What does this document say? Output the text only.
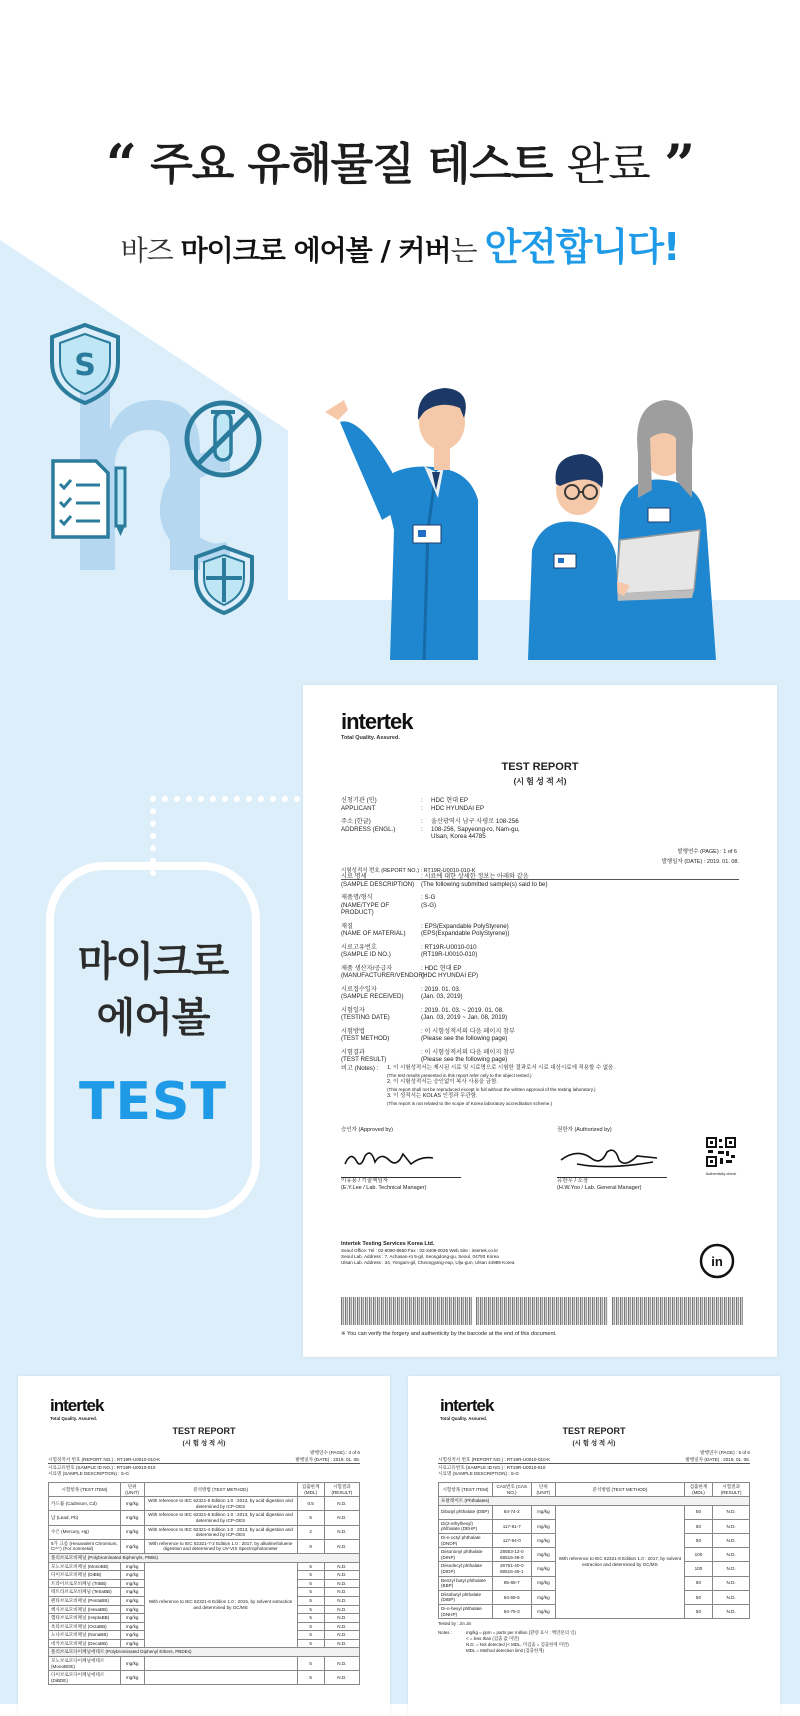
“ 주요 유해물질 테스트 완료 ”
바즈 마이크로 에어볼 / 커버는 안전합니다!
S
마이크로
에어볼
TEST
intertek
Total Quality. Assured.
TEST REPORT
(시 험 성 적 서)
신청기관 (인)	:	HDC 현대 EP
APPLICANT	:	HDC HYUNDAI EP
주소 (한글)	:	울산광역시 남구 사평로 108-256
ADDRESS (ENGL.)	:	108-256, Sapyeong-ro, Nam-gu,
Ulsan, Korea 44785
발행연수 (PAGE) : 1 of 6
시험성적서 번호 (REPORT NO.) : RT19R-U0010-010-K
발행일자 (DATE) : 2019. 01. 08.
시료 명세	: 시료에 대한 상세한 정보는 아래와 같음
(SAMPLE DESCRIPTION)	(The following submitted sample(s) said to be)
제품명/형식	: S-G
(NAME/TYPE OF PRODUCT)
(S-G)
재질	: EPS(Expandable PolyStyrene)
(NAME OF MATERIAL)	(EPS(Expandable PolyStyrene))
시료고유번호	: RT19R-U0010-010
(SAMPLE ID NO.)	(RT19R-U0010-010)
제품 생산자/공급자	: HDC 현대 EP
(MANUFACTURER/VENDOR)
(HDC HYUNDAI EP)
시료접수일자	: 2019. 01. 03.
(SAMPLE RECEIVED)	(Jan. 03, 2019)
시험일자	: 2019. 01. 03. ~ 2019. 01. 08.
(TESTING DATE)	(Jan. 03, 2019 ~ Jan. 08, 2019)
시험방법	: 이 시험성적서의 다음 페이지 참부
(TEST METHOD)	(Please see the following page)
시험결과	: 이 시험성적서의 다음 페이지 참부
(TEST RESULT)	(Please see the following page)
비고 (Notes) :	1. 이 시험성적서는 제시된 시료 및 시료명으로 시험한 결과로서 시료 대상시료에 적용할 수 없음.
(The test results presented in this report refer only to the object tested.)
2. 이 시험성적서는 승인없이 복사 사용을 금함.
(This report shall not be reproduced except in full without the written approval of the testing laboratory.)
3. 이 성적서는 KOLAS 인정과 무관함.
(This report is not related to the scope of Korea laboratory accreditation scheme.)
승인자 (Approved by)
이유용 / 기술책임자
(E.Y.Lee / Lab. Technical Manager)
권한자 (Authorized by)
유한우 / 소장
(H.W.Yoo / Lab. General Manager)
Authenticity check
Intertek Testing Services Korea Ltd.
Seoul Office: Tel : 02-6090-8550 Fax : 02-3409-0025 Web Site : intertek.co.kr
Seoul Lab. Address : 7, Achasan-ro 5-gil, Seongdong-gu, Seoul, 04793 Korea
Ulsan Lab. Address : 34, Yongam-gil, Cheongyang-eup, Ulju-gun, Ulsan 44989 Korea	in
※ You can verify the forgery and authenticity by the barcode at the end of this document.
intertek
Total Quality. Assured.
TEST REPORT
(시 험 성 적 서)
발행연수 (PAGE) : 3 of 6
시험성적서 번호 (REPORT NO.) : RT19R-U0010-010-K	발행일자 (DATE) : 2019. 01. 08.
시료고유번호 (SAMPLE ID NO.) : RT19R-U0010-010
시료명 (SAMPLE DESCRIPTION) : S-G
시험항목 (TEST ITEM)	단위 (UNIT)	분석방법 (TEST METHOD)	검출한계 (MDL)	시험결과 (RESULT)
카드뮴 (Cadmium, Cd)	mg/kg	With reference to IEC 62321-5 Edition 1.0 : 2013, by acid digestion and determined by ICP-OES	0.5	N.D.
납 (Lead, Pb)	mg/kg	With reference to IEC 62321-5 Edition 1.0 : 2013, by acid digestion and determined by ICP-OES	5	N.D.
수은 (Mercury, Hg)	mg/kg	With reference to IEC 62321-4 Edition 1.0 : 2013, by acid digestion and determined by ICP-OES	2	N.D.
6가 크롬 (Hexavalent Chromium, Cr⁶⁺) (For nonmetal)	mg/kg	With reference to IEC 62321-7-2 Edition 1.0 : 2017, by alkaline/toluene digestion and determined by UV-VIS Spectrophotometer	8	N.D.
폴리브로모비페닐 (Polybrominated Biphenyls, PBBs)				
모노브로모비페닐 (MonoBB)	mg/kg	With reference to IEC 62321-6 Edition 1.0 : 2015, by solvent extraction and determined by GC/MS	5	N.D.
다이브로모비페닐 (DiBB)	mg/kg		5	N.D.
트라이브로모비페닐 (TriBB)	mg/kg		5	N.D.
테트라브로모비페닐 (TetraBB)	mg/kg		5	N.D.
펜타브로모비페닐 (PentaBB)	mg/kg		5	N.D.
헥사브로모비페닐 (HexaBB)	mg/kg		5	N.D.
헵타브로모비페닐 (HeptaBB)	mg/kg		5	N.D.
옥타브로모비페닐 (OctaBB)	mg/kg		5	N.D.
노나브로모비페닐 (NonaBB)	mg/kg		5	N.D.
데카브로모비페닐 (DecaBB)	mg/kg		5	N.D.
폴리브로모다이페닐에테르 (Polybrominated Diphenyl Ethers, PBDEs)				
모노브로모다이페닐에테르 (MonoBDE)	mg/kg		5	N.D.
다이브로모다이페닐에테르 (DiBDE)	mg/kg		5	N.D.
intertek
Total Quality. Assured.
TEST REPORT
(시 험 성 적 서)
발행연수 (PAGE) : 5 of 6
시험성적서 번호 (REPORT NO.) : RT19R-U0010-010-K	발행일자 (DATE) : 2019. 01. 08.
시료고유번호 (SAMPLE ID NO.) : RT19R-U0010-010
시료명 (SAMPLE DESCRIPTION) : S-G
시험항목 (TEST ITEM)	CAS번호 (CAS NO.)	단위 (UNIT)	분석방법 (TEST METHOD)	검출한계 (MDL)	시험결과 (RESULT)
프탈레이트 (Phthalates)					
Dibutyl phthalate (DBP)	84-74-2	mg/kg	With reference to IEC 62321-8 Edition 1.0 : 2017, by solvent extraction and determined by GC/MS	50	N.D.
Di(2-ethylhexyl) phthalate (DEHP)	117-81-7	mg/kg		50	N.D.
Di-n-octyl phthalate (DNOP)	117-84-0	mg/kg		50	N.D.
Diisononyl phthalate (DINP)	28553-12-0 68515-48-0	mg/kg		100	N.D.
Diisodecyl phthalate (DIDP)	26761-40-0 68515-49-1	mg/kg		100	N.D.
Benzyl butyl phthalate (BBP)	85-68-7	mg/kg		50	N.D.
Diisobutyl phthalate (DIBP)	84-69-5	mg/kg		50	N.D.
Di-n-hexyl phthalate (DNHP)	84-75-3	mg/kg		50	N.D.
Tested by : Jin Jin
Notes :	mg/kg = ppm = parts per million (환량 표시 : 백만분의 일)
< = less than (검출 값 미만)
N.D. = Not detected (< MDL, 미검출 = 검출한계 미만)
MDL = Method detection limit (검출한계)
